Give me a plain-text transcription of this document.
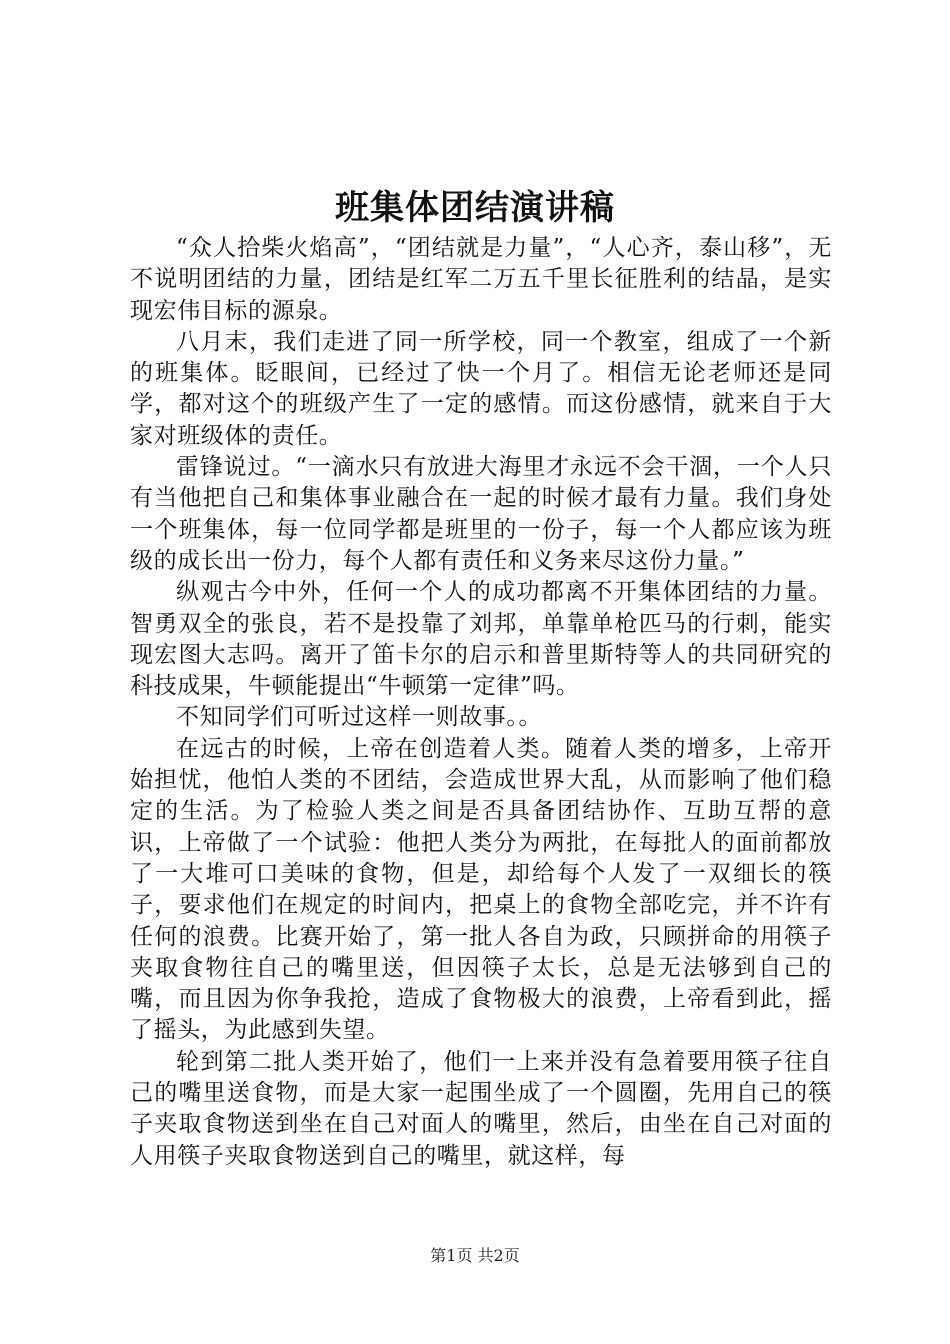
班集体团结演讲稿

“众人拾柴火焰高”，“团结就是力量”，“人心齐，泰山移”，无不说明团结的力量，团结是红军二万五千里长征胜利的结晶，是实现宏伟目标的源泉。

八月末，我们走进了同一所学校，同一个教室，组成了一个新的班集体。眨眼间，已经过了快一个月了。相信无论老师还是同学，都对这个的班级产生了一定的感情。而这份感情，就来自于大家对班级体的责任。

雷锋说过。“一滴水只有放进大海里才永远不会干涸，一个人只有当他把自己和集体事业融合在一起的时候才最有力量。我们身处一个班集体，每一位同学都是班里的一份子，每一个人都应该为班级的成长出一份力，每个人都有责任和义务来尽这份力量。”

纵观古今中外，任何一个人的成功都离不开集体团结的力量。智勇双全的张良，若不是投靠了刘邦，单靠单枪匹马的行刺，能实现宏图大志吗。离开了笛卡尔的启示和普里斯特等人的共同研究的科技成果，牛顿能提出“牛顿第一定律”吗。

不知同学们可听过这样一则故事。。

在远古的时候，上帝在创造着人类。随着人类的增多，上帝开始担忧，他怕人类的不团结，会造成世界大乱，从而影响了他们稳定的生活。为了检验人类之间是否具备团结协作、互助互帮的意识，上帝做了一个试验：他把人类分为两批，在每批人的面前都放了一大堆可口美味的食物，但是，却给每个人发了一双细长的筷子，要求他们在规定的时间内，把桌上的食物全部吃完，并不许有任何的浪费。比赛开始了，第一批人各自为政，只顾拼命的用筷子夹取食物往自己的嘴里送，但因筷子太长，总是无法够到自己的嘴，而且因为你争我抢，造成了食物极大的浪费，上帝看到此，摇了摇头，为此感到失望。

轮到第二批人类开始了，他们一上来并没有急着要用筷子往自己的嘴里送食物，而是大家一起围坐成了一个圆圈，先用自己的筷子夹取食物送到坐在自己对面人的嘴里，然后，由坐在自己对面的人用筷子夹取食物送到自己的嘴里，就这样，每

第1页 共2页
